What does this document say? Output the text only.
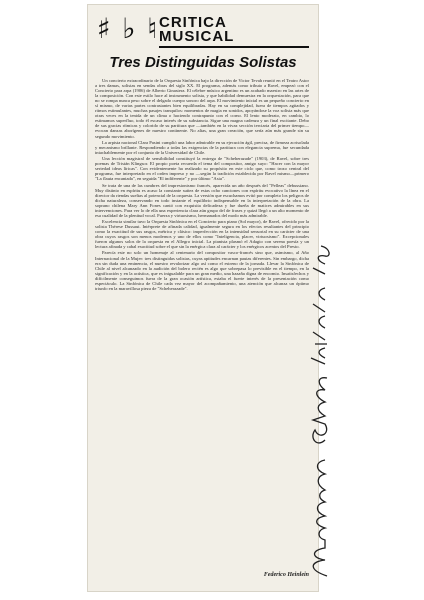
♯ ♭ ♮ CRITICA
MUSICAL
Tres Distinguidas Solistas

Un concierto extraordinario de la Orquesta Sinfónica bajo la dirección de Victor Tevah reunió en el Teatro Astor a tres damas, solistas en sendas obras del siglo XX. El programa, además como tributo a Ravel, empezó con el Concierto para arpa (1906) de Alberto Ginastera. El célebre músico argentino es un acabado maestro en las artes de la composición. Con este estilo hace al instrumento solista, y que habilidad demuestra en la orquestación, para que no se rompa nunca peso sobre el delgado cuerpo sonoro del arpa. El movimiento inicial es un pequeño concierto en sí mismo, de varias partes contrastantes bien equilibradas. Hay en su complejidad, fuera de tiempos agitados y ritmos estimulantes, muchas pasajes tranquilos: momentos de magia en sonidos, apoyándose la voz solista más que otras veces en la tenida de un clima o haciendo contrapunto con el corno. El lento moderato, en cambio, lo estimamos superfluo, todo él escaso interés de su substancia. Sigue una magna cadenza y un final excitante. Debo de sus gracias rítmicas y colorido de su partitura que —también en la vivaz sección terciaria del primer tiempo— evocan danzas aborígenes de nuestro continente. No altas, una gran creación, que sería aún más grande sin su segundo movimiento.

La arpista nacional Clara Pasini cumplió una labor admirable en su ejecución ágil, precisa, de firmeza acrisolada y mecanismo brillante. Respondiendo a todas las exigencias de la partitura con elegancia suprema, fue secundada intachablemente por el conjunto de la Universidad de Chile.

Una lección magistral de sensibilidad constituyó la entrega de "Scheherazade" (1903), de Ravel, sobre tres poemas de Tristán Klingsor. El propio poeta recuerda el tema del compositor, amigo suyo: "Hacer con la mayor seriedad ideas líricas". Con evidentemente ha realizado su propósito en este ciclo que, como trozo central del programa, fue interpretado en el orden impreso y no —según la tradición establecida por Ravel mismo—primero "La flauta encantada", en seguida "El indiferente" y por último "Asia".

Se trata de una de las cumbres del impresionismo francés, aparecida un año después del "Pelleas" debussiano. Muy distinto en espíritu es acaso la constante suttez de estas ocho canciones con espíritu evocativo la línea en el director da riendas sueltas al potencial de la orquesta. La versión que escuchamos evitó por completo los peligros de dicha naturaleza, conservando en todo instante el equilibrio indispensable en la interpretación de la obra. La soprano chilena Mary Ann Fones cantó con exquisita delicadeza y fue dueña de matices admirables en sus intervenciones. Para ver lo de ella una experiencia clara aún grupo del de frases y quizá llegó a un alto momento de esa cualidad de la plenitud vocal. Fuerza y virtuosismo, hermanados del modo más admirable.

Excelencia similar tuvo la Orquesta Sinfónica en el Concierto para piano (Sol mayor), de Ravel, ofrecido por la solista Thérese Dussaut. Intérprete de afinada calidad, igualmente segura en los efectos resultantes del principio como la exactitud de sus rasgos, métrica y clásico: imperfección en la intensidad sensorial en su carácter de una obra cuyos rasgos son menos modernos y uno de ellos como "Inteligencia, placer, virtuosismo". Excepcionales fueron algunos solos de la orquesta en el Allegro inicial. La pianista plasmó el Adagio con serena poesía y un lectura afinada y cabal exactitud sobre el que sin la enérgica clara al carácter y los enérgicos acentos del Presto.

Parecía este no solo un homenaje al centenario del compositor vasco-francés sino que, asimismo, al Año Internacional de la Mujer: tres distinguidas solistas, cuyas aptitudes encarnan pautas diferentes. Sin embargo, dicha era sin duda una eminencia, el nuestro revalorizar algo así como el estreno de la jornada. Llevar la Sinfónica de Chile al nivel alcanzado en la audición del bolero recién es algo que sobrepasa lo previsible en el tiempo, en la significación y en la acústica, que es inigualable para un gran medio, una hazaña digna de encomio. Insatisfechos y difícilmente conseguimos fuera de la gran ocasión artística, estaba el fuerte interés de la presentación como espectáculo. La Sinfónica de Chile cada vez mayor del acompañamiento, una atención que alcanza un óptimo triunfo en la maravillosa pieza de "Scheherazade".

Federico Heinlein
